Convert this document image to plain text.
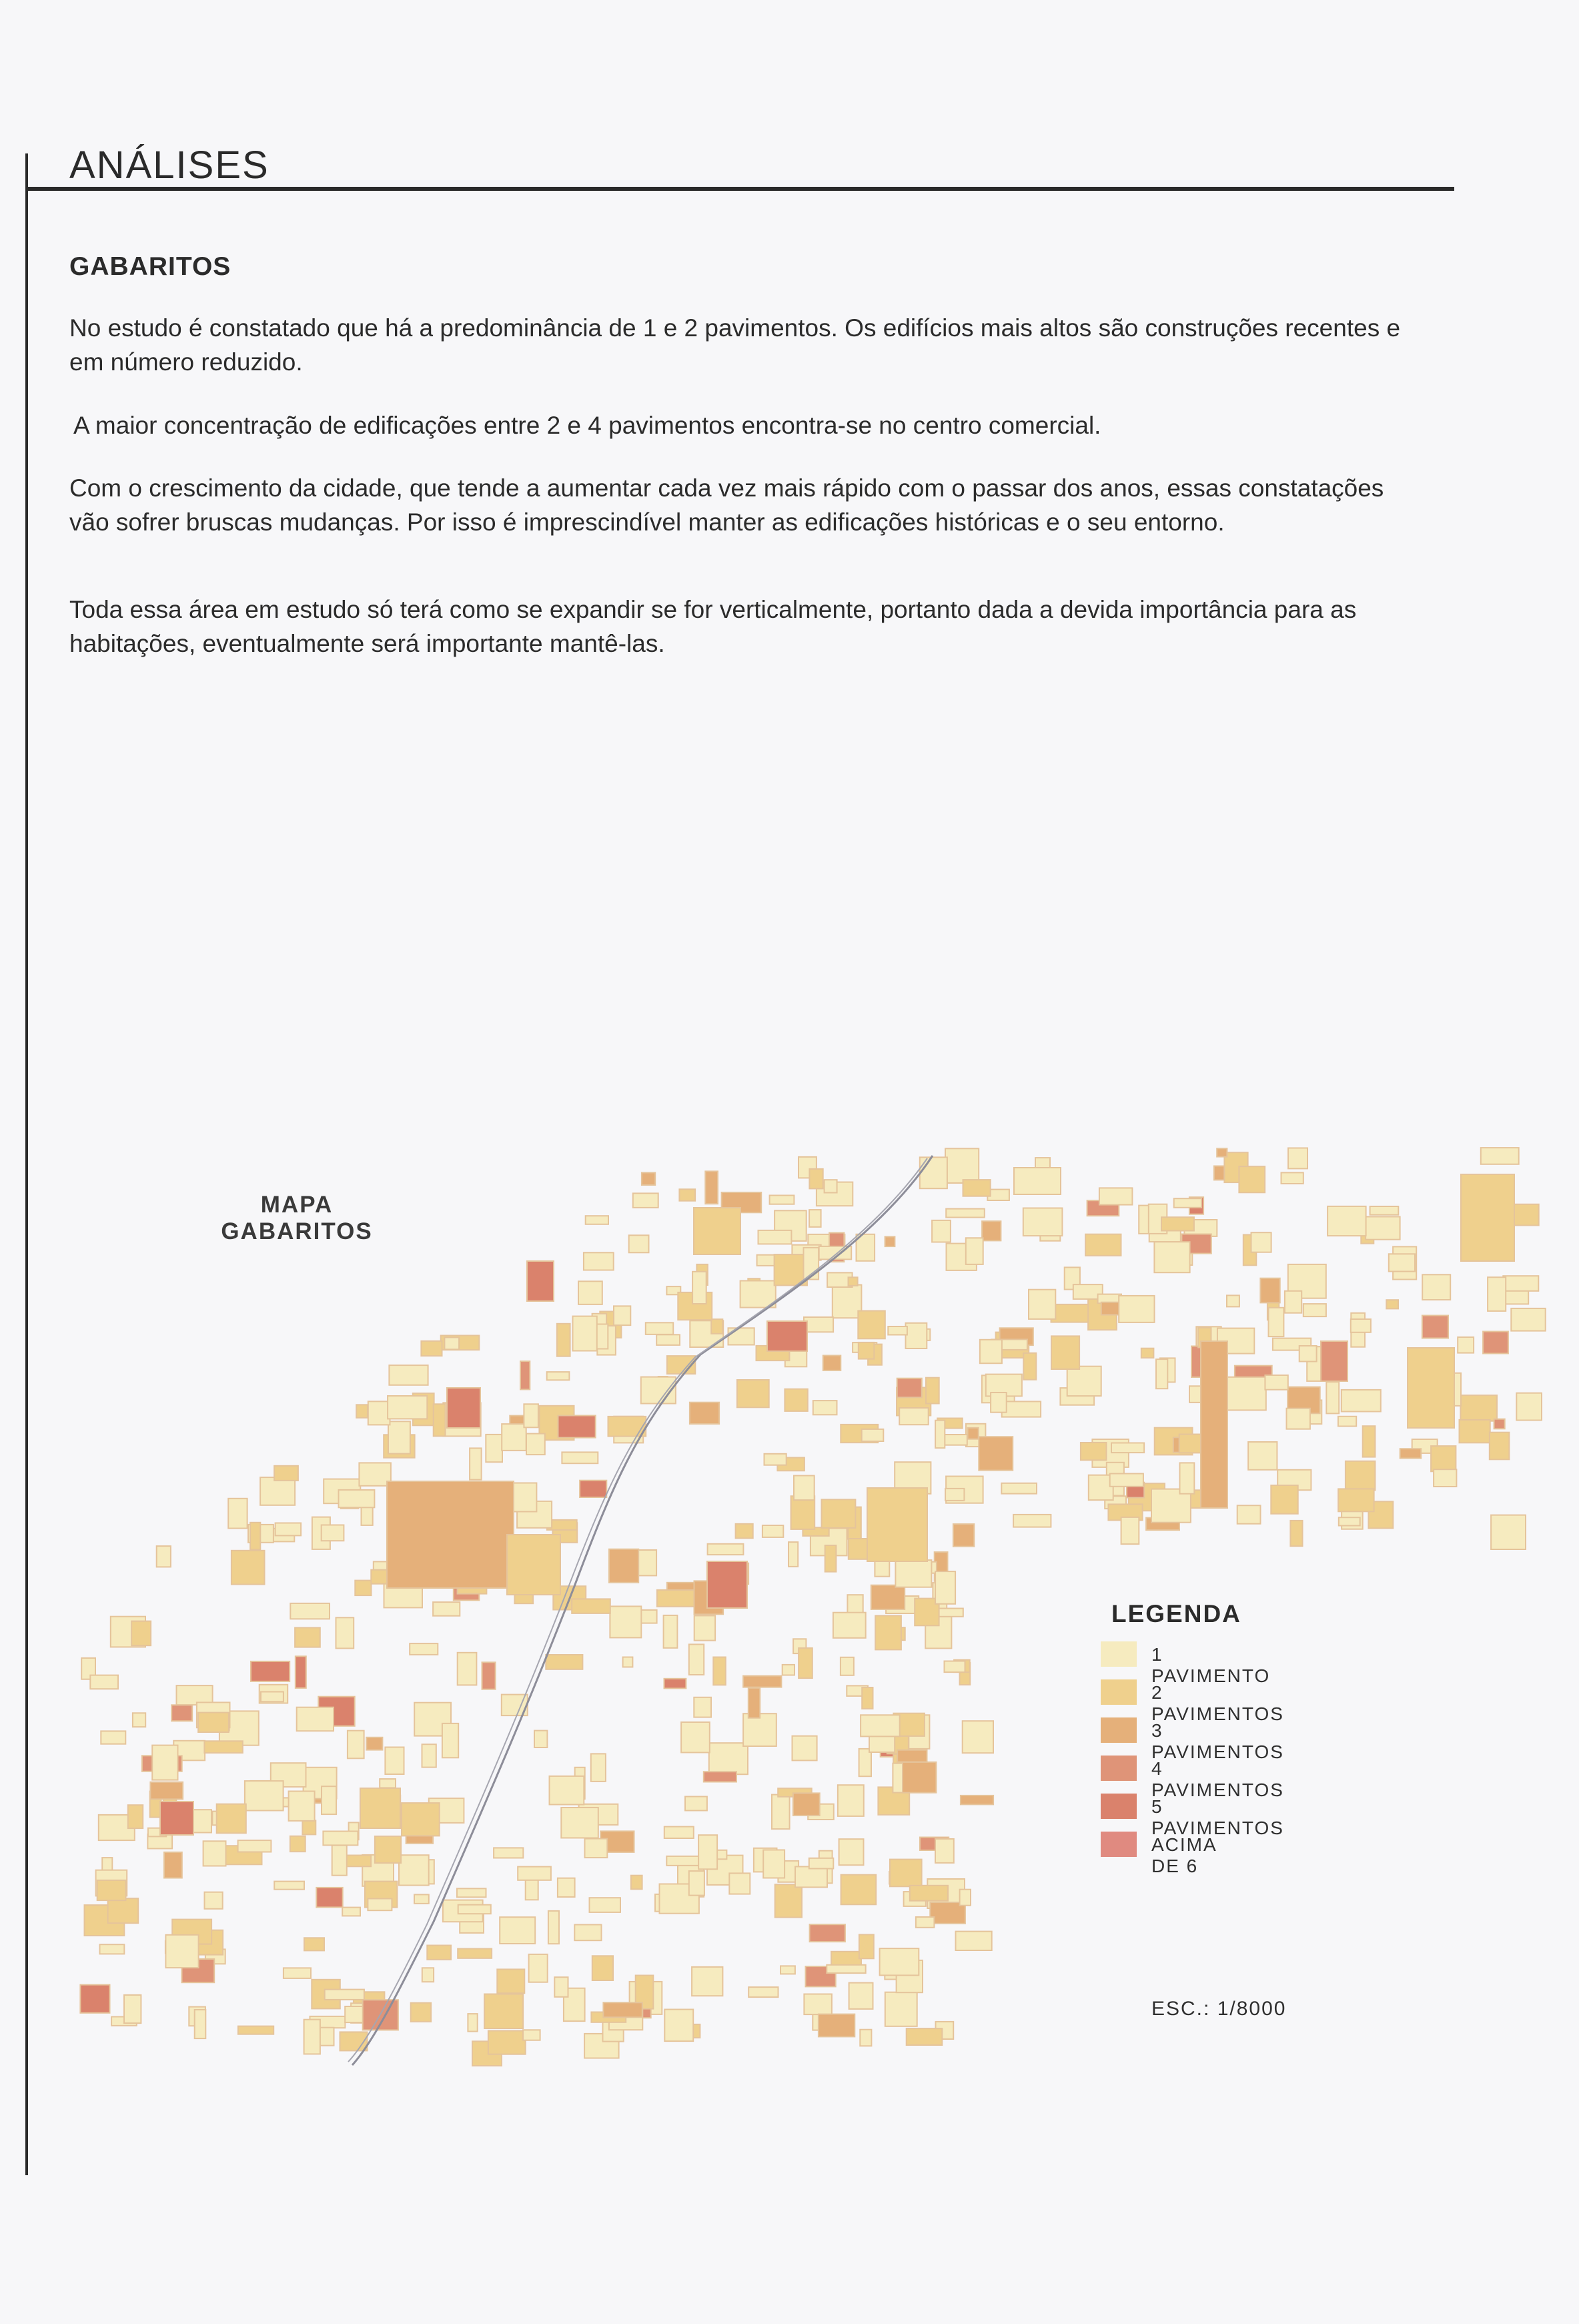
ANÁLISES
GABARITOS
No estudo é constatado que há a predominância de 1 e 2 pavimentos. Os edifícios mais altos são construções recentes e em número reduzido.
A maior concentração de edificações entre 2 e 4 pavimentos encontra-se no centro comercial.
Com o crescimento da cidade, que tende a aumentar cada vez mais rápido com o passar dos anos, essas constatações vão sofrer bruscas mudanças. Por isso é imprescindível manter as edificações históricas e o seu entorno.
Toda essa área em estudo só terá como se expandir se for verticalmente, portanto dada a devida importância para as habitações, eventualmente será importante mantê-las.
MAPA
GABARITOS
LEGENDA
1 PAVIMENTO
2 PAVIMENTOS
3 PAVIMENTOS
4 PAVIMENTOS
5 PAVIMENTOS
ACIMA DE 6
ESC.: 1/8000
